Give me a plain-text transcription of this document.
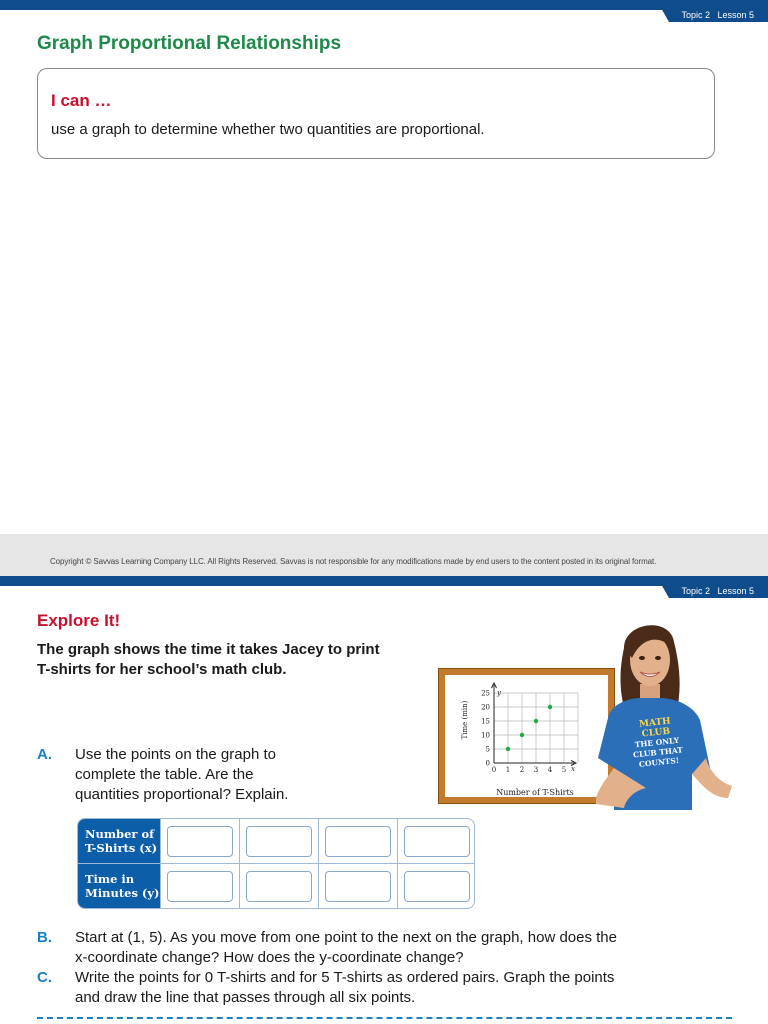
Topic 2   Lesson 5
Graph Proportional Relationships
I can …
use a graph to determine whether two quantities are proportional.
Copyright © Savvas Learning Company LLC. All Rights Reserved. Savvas is not responsible for any modifications made by end users to the content posted in its original format.
Topic 2   Lesson 5
Explore It!
The graph shows the time it takes Jacey to print
T-shirts for her school’s math club.
A. Use the points on the graph to
complete the table. Are the
quantities proportional? Explain.
Number of
T-Shirts (x)
Time in
Minutes (y)
B. Start at (1, 5). As you move from one point to the next on the graph, how does the
x-coordinate change? How does the y-coordinate change?
C. Write the points for 0 T-shirts and for 5 T-shirts as ordered pairs. Graph the points
and draw the line that passes through all six points.
0 1 2 3 4 5
0
5
10
15
20
25
Time (min)
Number of T-Shirts
x
y
MATH CLUB
THE ONLY
CLUB THAT
COUNTS!
